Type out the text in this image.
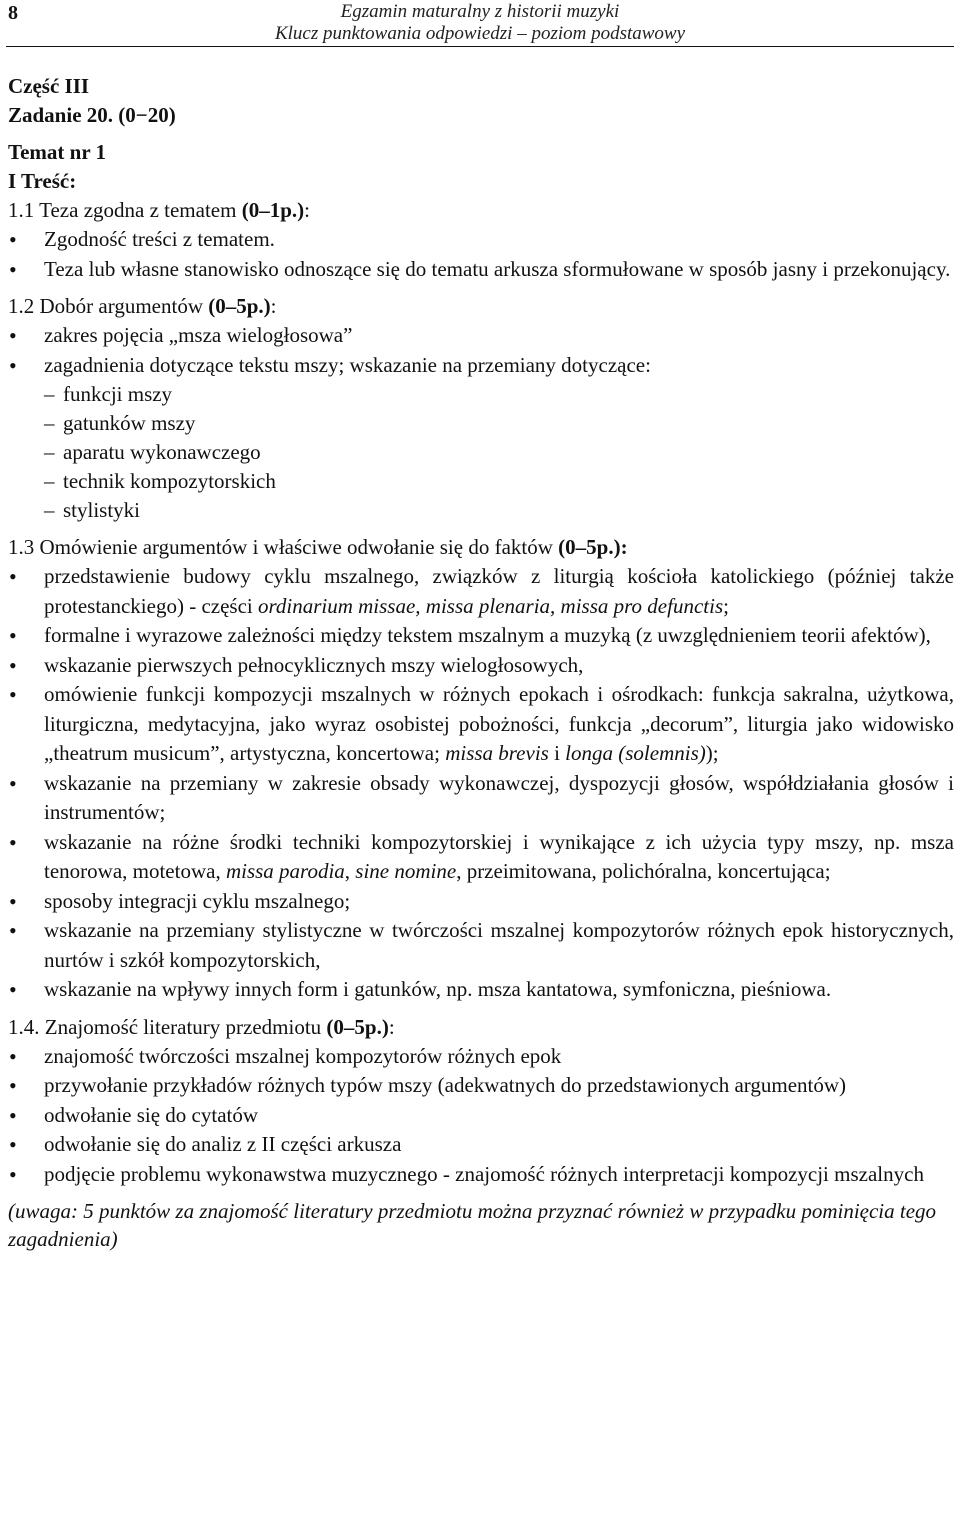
8	Egzamin maturalny z historii muzyki
Klucz punktowania odpowiedzi – poziom podstawowy
Część III
Zadanie 20. (0−20)
Temat nr 1
I Treść:
1.1 Teza zgodna z tematem (0–1p.):
• Zgodność treści z tematem.
• Teza lub własne stanowisko odnoszące się do tematu arkusza sformułowane w sposób jasny i przekonujący.
1.2 Dobór argumentów (0–5p.):
• zakres pojęcia „msza wielogłosowa”
• zagadnienia dotyczące tekstu mszy; wskazanie na przemiany dotyczące:
– funkcji mszy
– gatunków mszy
– aparatu wykonawczego
– technik kompozytorskich
– stylistyki
1.3 Omówienie argumentów i właściwe odwołanie się do faktów (0–5p.):
• przedstawienie budowy cyklu mszalnego, związków z liturgią kościoła katolickiego (później także protestanckiego) - części ordinarium missae, missa plenaria, missa pro defunctis;
• formalne i wyrazowe zależności między tekstem mszalnym a muzyką (z uwzględnieniem teorii afektów),
• wskazanie pierwszych pełnocyklicznych mszy wielogłosowych,
• omówienie funkcji kompozycji mszalnych w różnych epokach i ośrodkach: funkcja sakralna, użytkowa, liturgiczna, medytacyjna, jako wyraz osobistej pobożności, funkcja „decorum”, liturgia jako widowisko „theatrum musicum”, artystyczna, koncertowa; missa brevis i longa (solemnis));
• wskazanie na przemiany w zakresie obsady wykonawczej, dyspozycji głosów, współdziałania głosów i instrumentów;
• wskazanie na różne środki techniki kompozytorskiej i wynikające z ich użycia typy mszy, np. msza tenorowa, motetowa, missa parodia, sine nomine, przeimitowana, polichóralna, koncertująca;
• sposoby integracji cyklu mszalnego;
• wskazanie na przemiany stylistyczne w twórczości mszalnej kompozytorów różnych epok historycznych, nurtów i szkół kompozytorskich,
• wskazanie na wpływy innych form i gatunków, np. msza kantatowa, symfoniczna, pieśniowa.
1.4. Znajomość literatury przedmiotu (0–5p.):
• znajomość twórczości mszalnej kompozytorów różnych epok
• przywołanie przykładów różnych typów mszy (adekwatnych do przedstawionych argumentów)
• odwołanie się do cytatów
• odwołanie się do analiz z II części arkusza
• podjęcie problemu wykonawstwa muzycznego - znajomość różnych interpretacji kompozycji mszalnych
(uwaga: 5 punktów za znajomość literatury przedmiotu można przyznać również w przypadku pominięcia tego zagadnienia)
